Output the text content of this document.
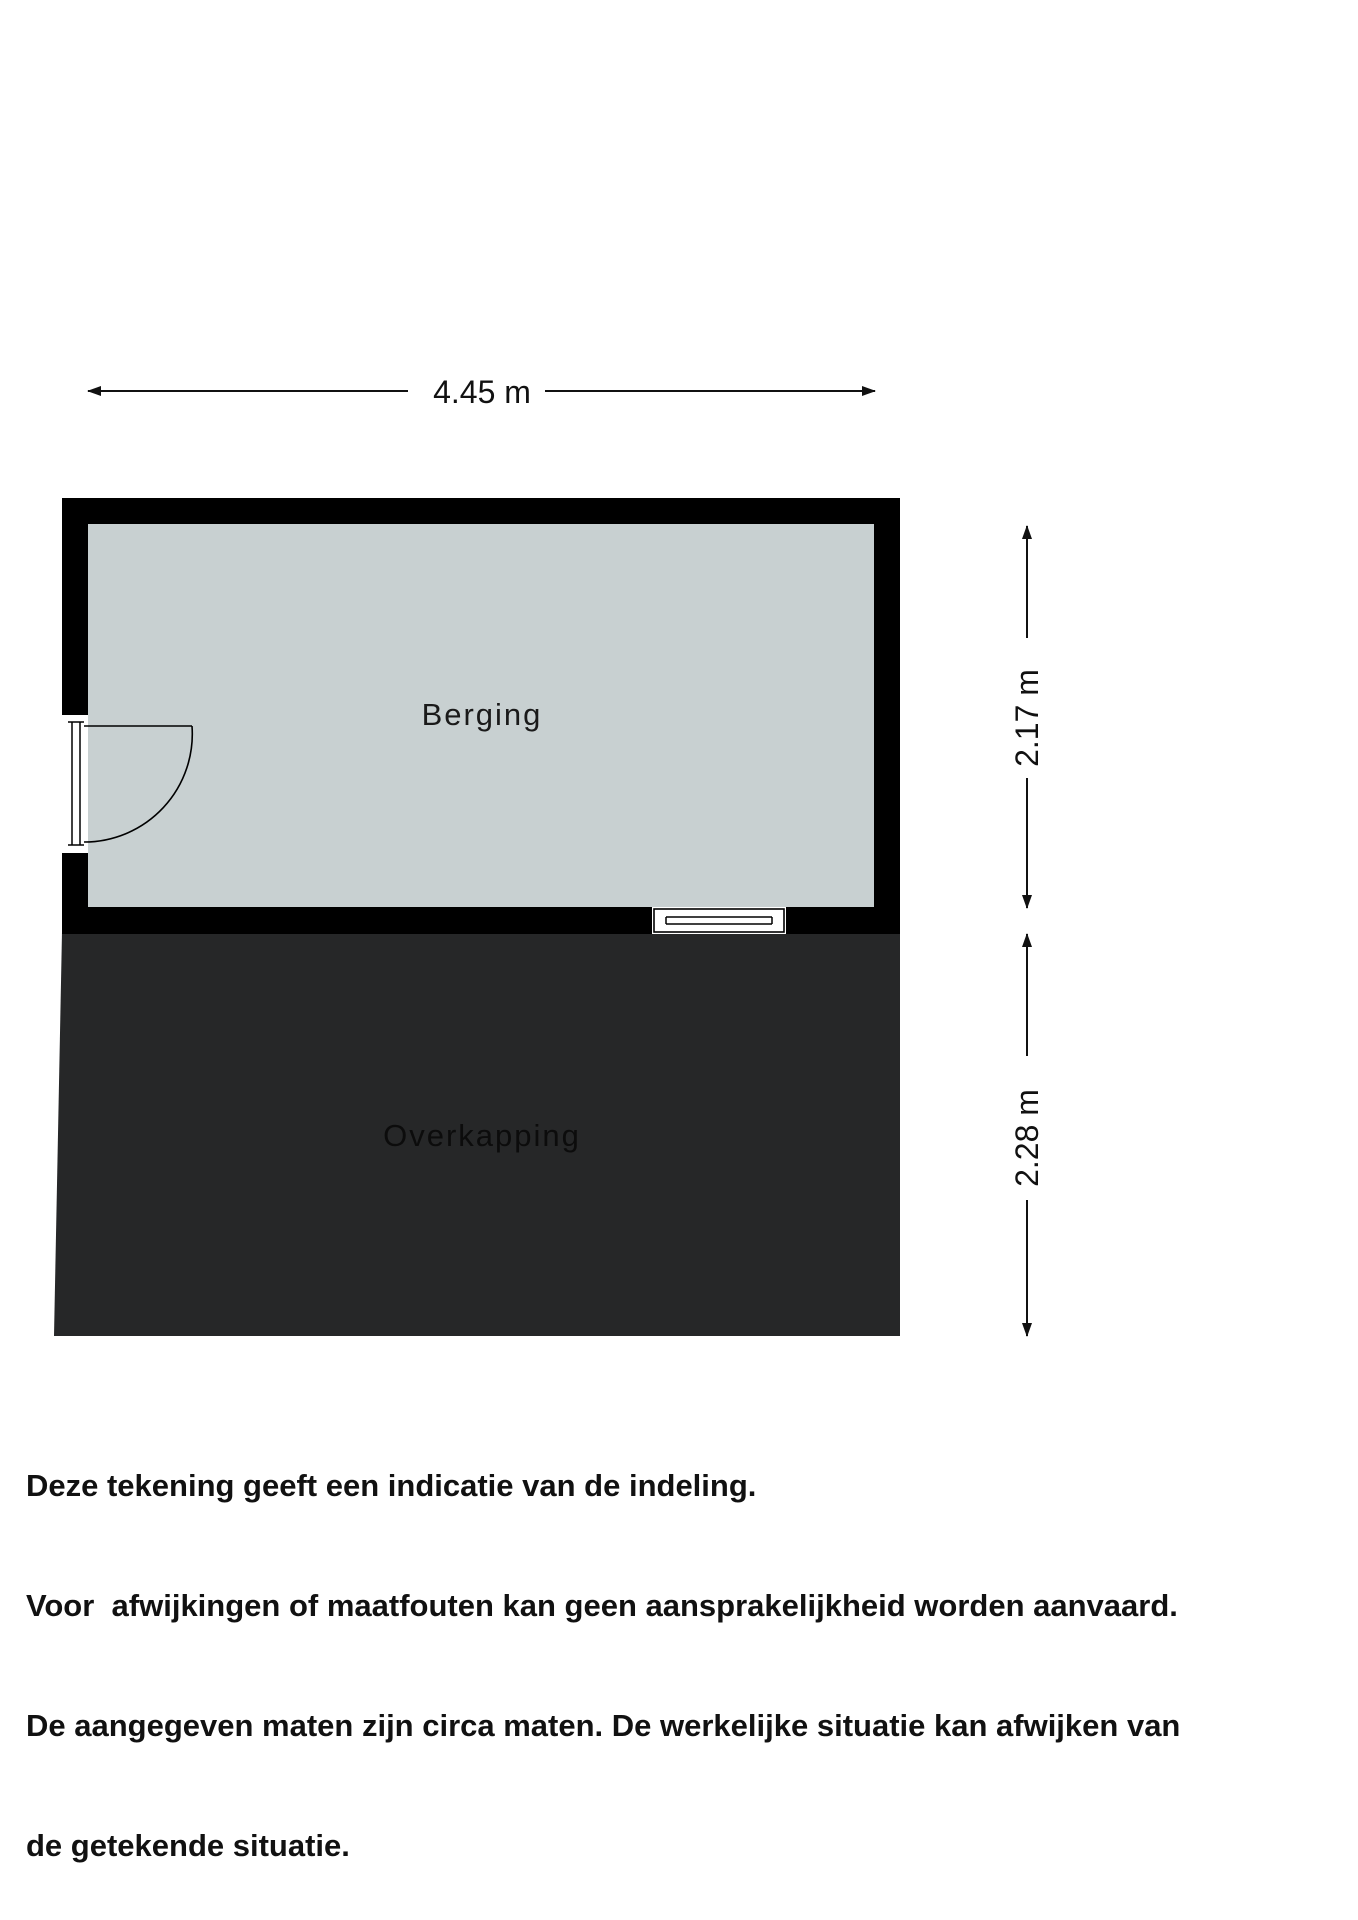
4.45 m
Berging
Overkapping
2.17 m
2.28 m

Deze tekening geeft een indicatie van de indeling.

Voor  afwijkingen of maatfouten kan geen aansprakelijkheid worden aanvaard.

De aangegeven maten zijn circa maten. De werkelijke situatie kan afwijken van

de getekende situatie.
